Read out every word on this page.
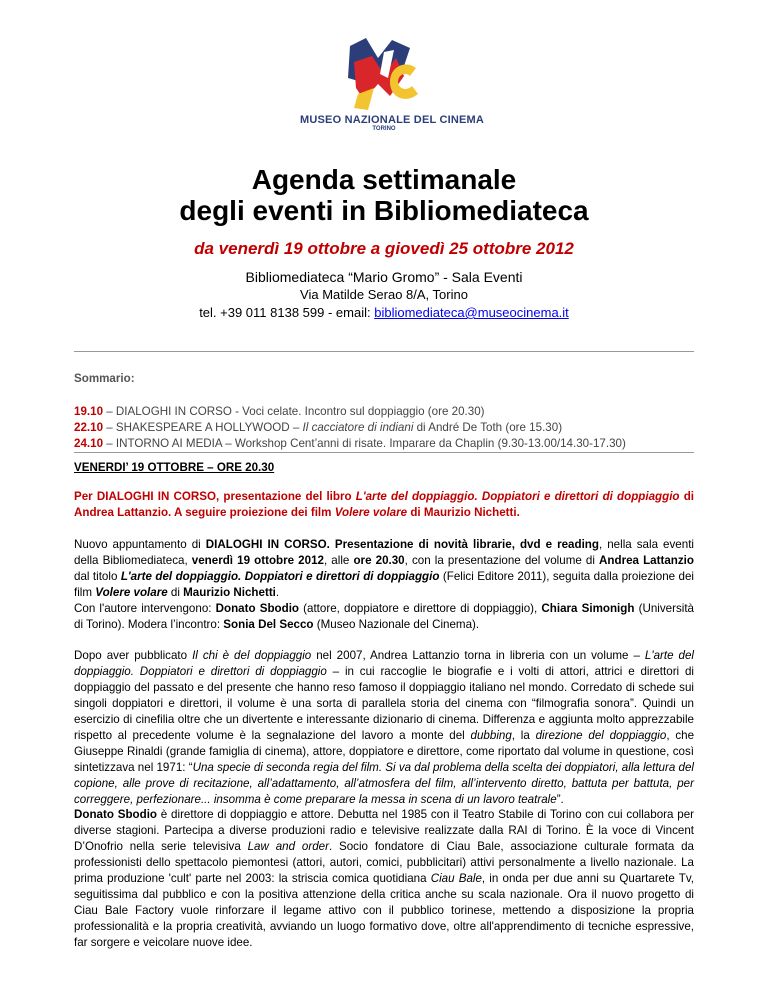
MUSEO NAZIONALE DEL CINEMA
TORINO
Agenda settimanale
degli eventi in Bibliomediateca
da venerdì 19 ottobre a giovedì 25 ottobre 2012
Bibliomediateca “Mario Gromo” - Sala Eventi
Via Matilde Serao 8/A, Torino
tel. +39 011 8138 599 - email: bibliomediateca@museocinema.it
Sommario:
19.10 – DIALOGHI IN CORSO - Voci celate. Incontro sul doppiaggio (ore 20.30)
22.10 – SHAKESPEARE A HOLLYWOOD – Il cacciatore di indiani di André De Toth (ore 15.30)
24.10 – INTORNO AI MEDIA – Workshop Cent’anni di risate. Imparare da Chaplin (9.30-13.00/14.30-17.30)
VENERDI’ 19 OTTOBRE – ORE 20.30

Per DIALOGHI IN CORSO, presentazione del libro L'arte del doppiaggio. Doppiatori e direttori di doppiaggio di Andrea Lattanzio. A seguire proiezione dei film Volere volare di Maurizio Nichetti.

Nuovo appuntamento di DIALOGHI IN CORSO. Presentazione di novità librarie, dvd e reading, nella sala eventi della Bibliomediateca, venerdì 19 ottobre 2012, alle ore 20.30, con la presentazione del volume di Andrea Lattanzio dal titolo L'arte del doppiaggio. Doppiatori e direttori di doppiaggio (Felici Editore 2011), seguita dalla proiezione dei film Volere volare di Maurizio Nichetti.

Con l'autore intervengono: Donato Sbodio (attore, doppiatore e direttore di doppiaggio), Chiara Simonigh (Università di Torino). Modera l’incontro: Sonia Del Secco (Museo Nazionale del Cinema).

Dopo aver pubblicato Il chi è del doppiaggio nel 2007, Andrea Lattanzio torna in libreria con un volume – L'arte del doppiaggio. Doppiatori e direttori di doppiaggio – in cui raccoglie le biografie e i volti di attori, attrici e direttori di doppiaggio del passato e del presente che hanno reso famoso il doppiaggio italiano nel mondo. Corredato di schede sui singoli doppiatori e direttori, il volume è una sorta di parallela storia del cinema con “filmografia sonora”. Quindi un esercizio di cinefilia oltre che un divertente e interessante dizionario di cinema. Differenza e aggiunta molto apprezzabile rispetto al precedente volume è la segnalazione del lavoro a monte del dubbing, la direzione del doppiaggio, che Giuseppe Rinaldi (grande famiglia di cinema), attore, doppiatore e direttore, come riportato dal volume in questione, così sintetizzava nel 1971: “Una specie di seconda regia del film. Si va dal problema della scelta dei doppiatori, alla lettura del copione, alle prove di recitazione, all’adattamento, all’atmosfera del film, all’intervento diretto, battuta per battuta, per correggere, perfezionare... insomma è come preparare la messa in scena di un lavoro teatrale”.

Donato Sbodio è direttore di doppiaggio e attore. Debutta nel 1985 con il Teatro Stabile di Torino con cui collabora per diverse stagioni. Partecipa a diverse produzioni radio e televisive realizzate dalla RAI di Torino. È la voce di Vincent D’Onofrio nella serie televisiva Law and order. Socio fondatore di Ciau Bale, associazione culturale formata da professionisti dello spettacolo piemontesi (attori, autori, comici, pubblicitari) attivi personalmente a livello nazionale. La prima produzione 'cult' parte nel 2003: la striscia comica quotidiana Ciau Bale, in onda per due anni su Quartarete Tv, seguitissima dal pubblico e con la positiva attenzione della critica anche su scala nazionale. Ora il nuovo progetto di Ciau Bale Factory vuole rinforzare il legame attivo con il pubblico torinese, mettendo a disposizione la propria professionalità e la propria creatività, avviando un luogo formativo dove, oltre all'apprendimento di tecniche espressive, far sorgere e veicolare nuove idee.
